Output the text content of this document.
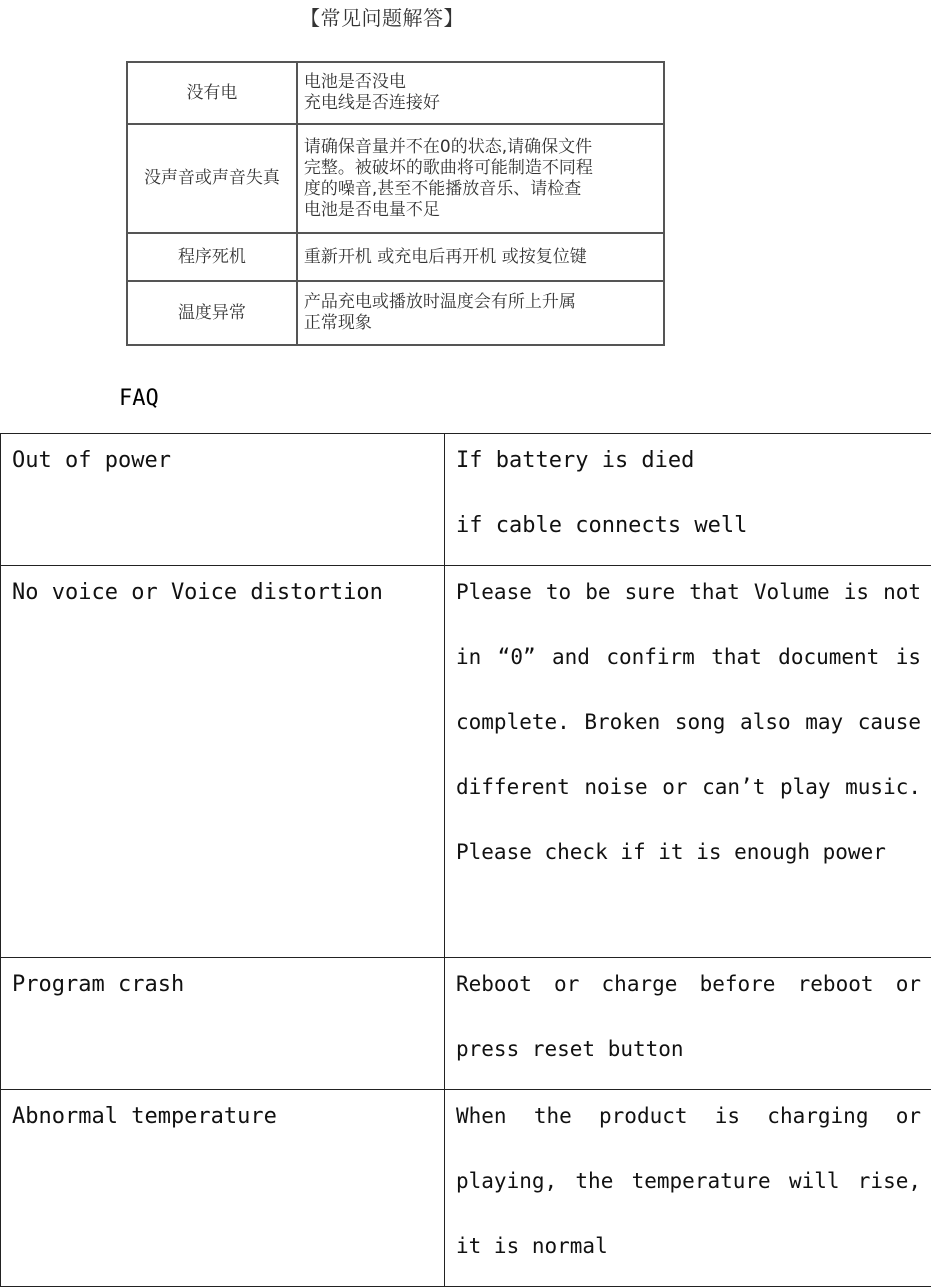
【常见问题解答】
没有电	电池是否没电
充电线是否连接好

没声音或声音失真	请确保音量并不在0的状态,请确保文件
完整。被破坏的歌曲将可能制造不同程
度的噪音,甚至不能播放音乐、请检查
电池是否电量不足

程序死机	重新开机 或充电后再开机 或按复位键

温度异常	产品充电或播放时温度会有所上升属
正常现象
FAQ

Out of power	If battery is died
if cable connects well

No voice or Voice distortion	Please to be sure that Volume is not in “0” and confirm that document is complete. Broken song also may cause different noise or can’t play music. Please check if it is enough power

Program crash	Reboot or charge before reboot or press reset button

Abnormal temperature	When the product is charging or playing, the temperature will rise, it is normal
